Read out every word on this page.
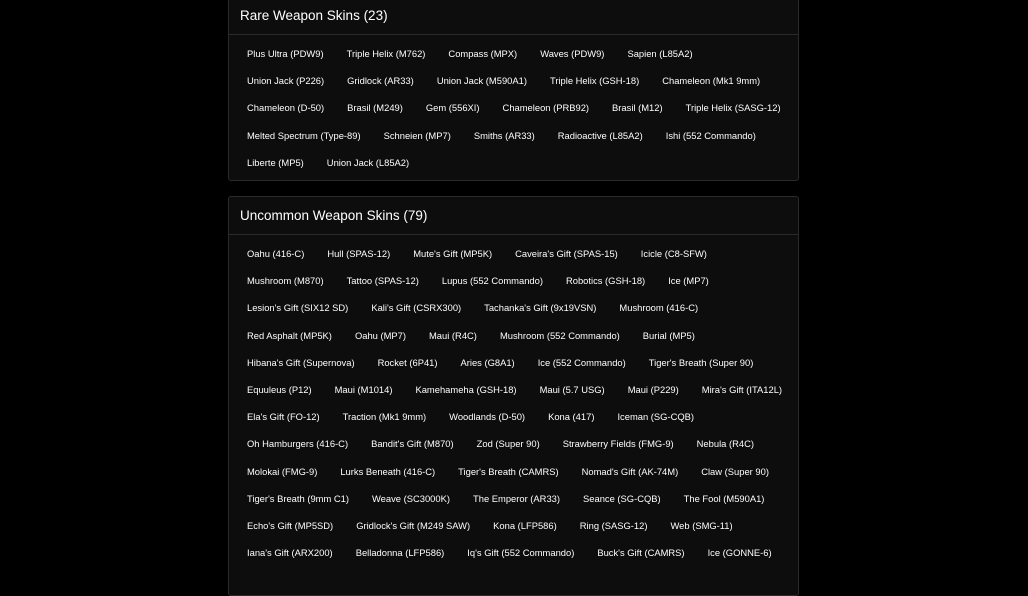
Rare Weapon Skins (23)
Plus Ultra (PDW9)	Triple Helix (M762)	Compass (MPX)	Waves (PDW9)	Sapien (L85A2)
Union Jack (P226)	Gridlock (AR33)	Union Jack (M590A1)	Triple Helix (GSH-18)	Chameleon (Mk1 9mm)
Chameleon (D-50)	Brasil (M249)	Gem (556XI)	Chameleon (PRB92)	Brasil (M12)	Triple Helix (SASG-12)
Melted Spectrum (Type-89)	Schneien (MP7)	Smiths (AR33)	Radioactive (L85A2)	Ishi (552 Commando)
Liberte (MP5)	Union Jack (L85A2)
Uncommon Weapon Skins (79)
Oahu (416-C)	Hull (SPAS-12)	Mute's Gift (MP5K)	Caveira's Gift (SPAS-15)	Icicle (C8-SFW)
Mushroom (M870)	Tattoo (SPAS-12)	Lupus (552 Commando)	Robotics (GSH-18)	Ice (MP7)
Lesion's Gift (SIX12 SD)	Kali's Gift (CSRX300)	Tachanka's Gift (9x19VSN)	Mushroom (416-C)
Red Asphalt (MP5K)	Oahu (MP7)	Maui (R4C)	Mushroom (552 Commando)	Burial (MP5)
Hibana's Gift (Supernova)	Rocket (6P41)	Aries (G8A1)	Ice (552 Commando)	Tiger's Breath (Super 90)
Equuleus (P12)	Maui (M1014)	Kamehameha (GSH-18)	Maui (5.7 USG)	Maui (P229)	Mira's Gift (ITA12L)
Ela's Gift (FO-12)	Traction (Mk1 9mm)	Woodlands (D-50)	Kona (417)	Iceman (SG-CQB)
Oh Hamburgers (416-C)	Bandit's Gift (M870)	Zod (Super 90)	Strawberry Fields (FMG-9)	Nebula (R4C)
Molokai (FMG-9)	Lurks Beneath (416-C)	Tiger's Breath (CAMRS)	Nomad's Gift (AK-74M)	Claw (Super 90)
Tiger's Breath (9mm C1)	Weave (SC3000K)	The Emperor (AR33)	Seance (SG-CQB)	The Fool (M590A1)
Echo's Gift (MP5SD)	Gridlock's Gift (M249 SAW)	Kona (LFP586)	Ring (SASG-12)	Web (SMG-11)
Iana's Gift (ARX200)	Belladonna (LFP586)	Iq's Gift (552 Commando)	Buck's Gift (CAMRS)	Ice (GONNE-6)
